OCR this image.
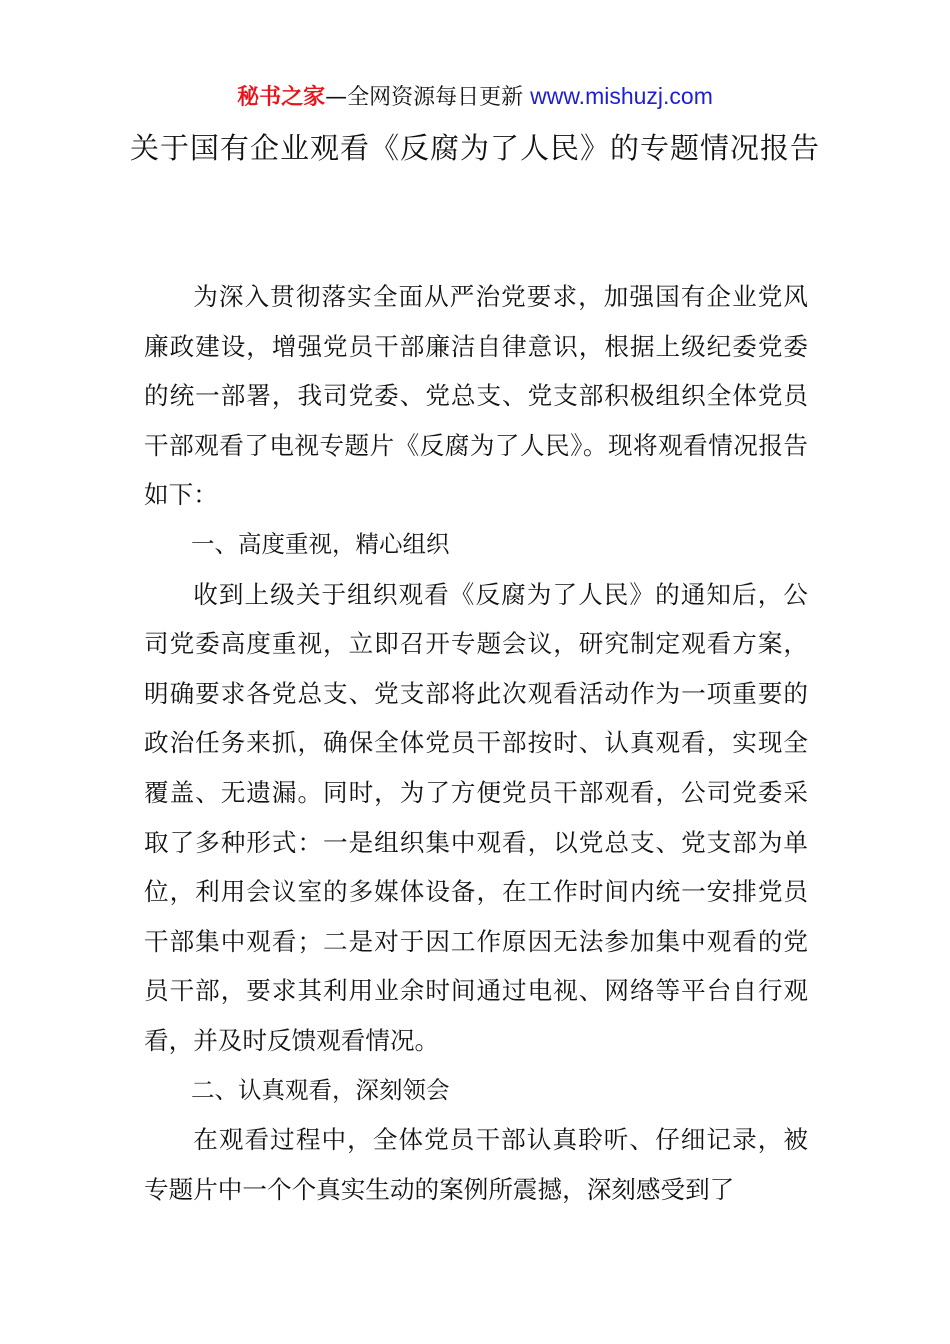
秘书之家—全网资源每日更新 www.mishuzj.com
关于国有企业观看《反腐为了人民》的专题情况报告

为深入贯彻落实全面从严治党要求，加强国有企业党风廉政建设，增强党员干部廉洁自律意识，根据上级纪委党委的统一部署，我司党委、党总支、党支部积极组织全体党员干部观看了电视专题片《反腐为了人民》。现将观看情况报告如下：

一、高度重视，精心组织

收到上级关于组织观看《反腐为了人民》的通知后，公司党委高度重视，立即召开专题会议，研究制定观看方案，明确要求各党总支、党支部将此次观看活动作为一项重要的政治任务来抓，确保全体党员干部按时、认真观看，实现全覆盖、无遗漏。同时，为了方便党员干部观看，公司党委采取了多种形式：一是组织集中观看，以党总支、党支部为单位，利用会议室的多媒体设备，在工作时间内统一安排党员干部集中观看；二是对于因工作原因无法参加集中观看的党员干部，要求其利用业余时间通过电视、网络等平台自行观看，并及时反馈观看情况。

二、认真观看，深刻领会

在观看过程中，全体党员干部认真聆听、仔细记录，被专题片中一个个真实生动的案例所震撼，深刻感受到了
